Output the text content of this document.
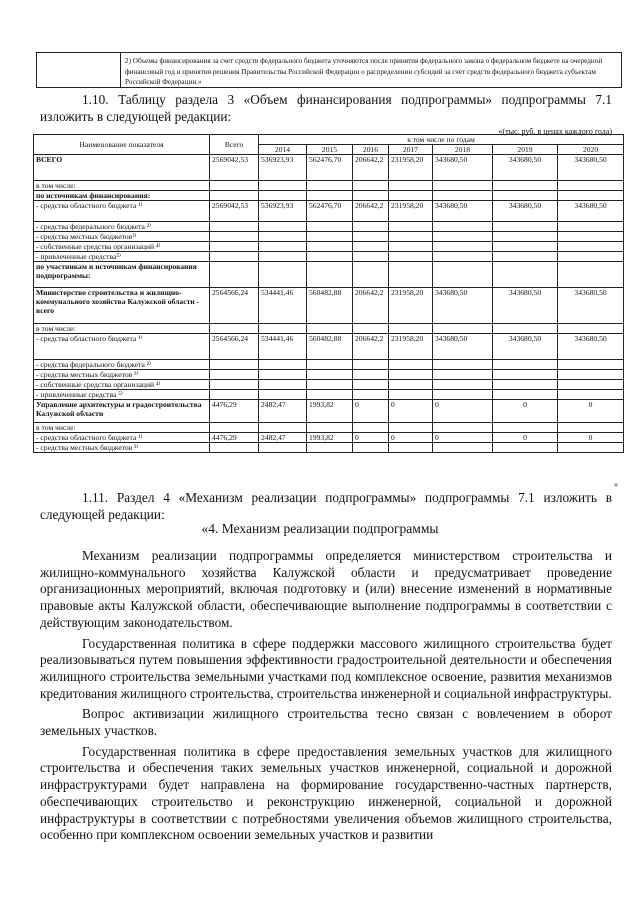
2) Объемы финансирования за счет средств федерального бюджета уточняются после принятия федерального закона о федеральном бюджете на очередной финансовый год и принятия решения Правительства Российской Федерации о распределении субсидий за счет средств федерального бюджета субъектам Российской Федерации.»
1.10. Таблицу раздела 3 «Объем финансирования подпрограммы» подпрограммы 7.1 изложить в следующей редакции:
«(тыс. руб. в ценах каждого года)
Наименование показателя	Всего	в том числе по годам						
		2014	2015	2016	2017	2018	2019	2020
ВСЕГО	2569042,53	536923,93	562476,70	206642,2	231958,20	343680,50	343680,50	343680,50
в том числе:								
по источникам финансирования:								
- средства областного бюджета ¹⁾	2569042,53	536923,93	562476,70	206642,2	231958,20	343680,50	343680,50	343680,50
- средства федерального бюджета ²⁾								
- средства местных бюджетов³⁾								
- собственные средства организаций ⁴⁾								
- привлеченные средства⁵⁾								
по участникам и источникам финансирования подпрограммы:								
Министерство строительства и жилищно-коммунального хозяйства Калужской области - всего	2564566,24	534441,46	560482,88	206642,2	231958,20	343680,50	343680,50	343680,50
в том числе:								
- средства областного бюджета ¹⁾	2564566,24	534441,46	560482,88	206642,2	231958,20	343680,50	343680,50	343680,50
- средства федерального бюджета ²⁾								
- средства местных бюджетов ³⁾								
- собственные средства организаций ⁴⁾								
- привлеченные средства ⁵⁾								
Управление архитектуры и градостроительства Калужской области	4476,29	2482,47	1993,82	0	0	0	0	0
в том числе:								
- средства областного бюджета ¹⁾	4476,29	2482,47	1993,82	0	0	0	0	0
- средства местных бюджетов ³⁾								
»
1.11. Раздел 4 «Механизм реализации подпрограммы» подпрограммы 7.1 изложить в следующей редакции:
«4. Механизм реализации подпрограммы

Механизм реализации подпрограммы определяется министерством строительства и жилищно-коммунального хозяйства Калужской области и предусматривает проведение организационных мероприятий, включая подготовку и (или) внесение изменений в нормативные правовые акты Калужской области, обеспечивающие выполнение подпрограммы в соответствии с действующим законодательством.

Государственная политика в сфере поддержки массового жилищного строительства будет реализовываться путем повышения эффективности градостроительной деятельности и обеспечения жилищного строительства земельными участками под комплексное освоение, развития механизмов кредитования жилищного строительства, строительства инженерной и социальной инфраструктуры.

Вопрос активизации жилищного строительства тесно связан с вовлечением в оборот земельных участков.

Государственная политика в сфере предоставления земельных участков для жилищного строительства и обеспечения таких земельных участков инженерной, социальной и дорожной инфраструктурами будет направлена на формирование государственно-частных партнерств, обеспечивающих строительство и реконструкцию инженерной, социальной и дорожной инфраструктуры в соответствии с потребностями увеличения объемов жилищного строительства, особенно при комплексном освоении земельных участков и развитии
